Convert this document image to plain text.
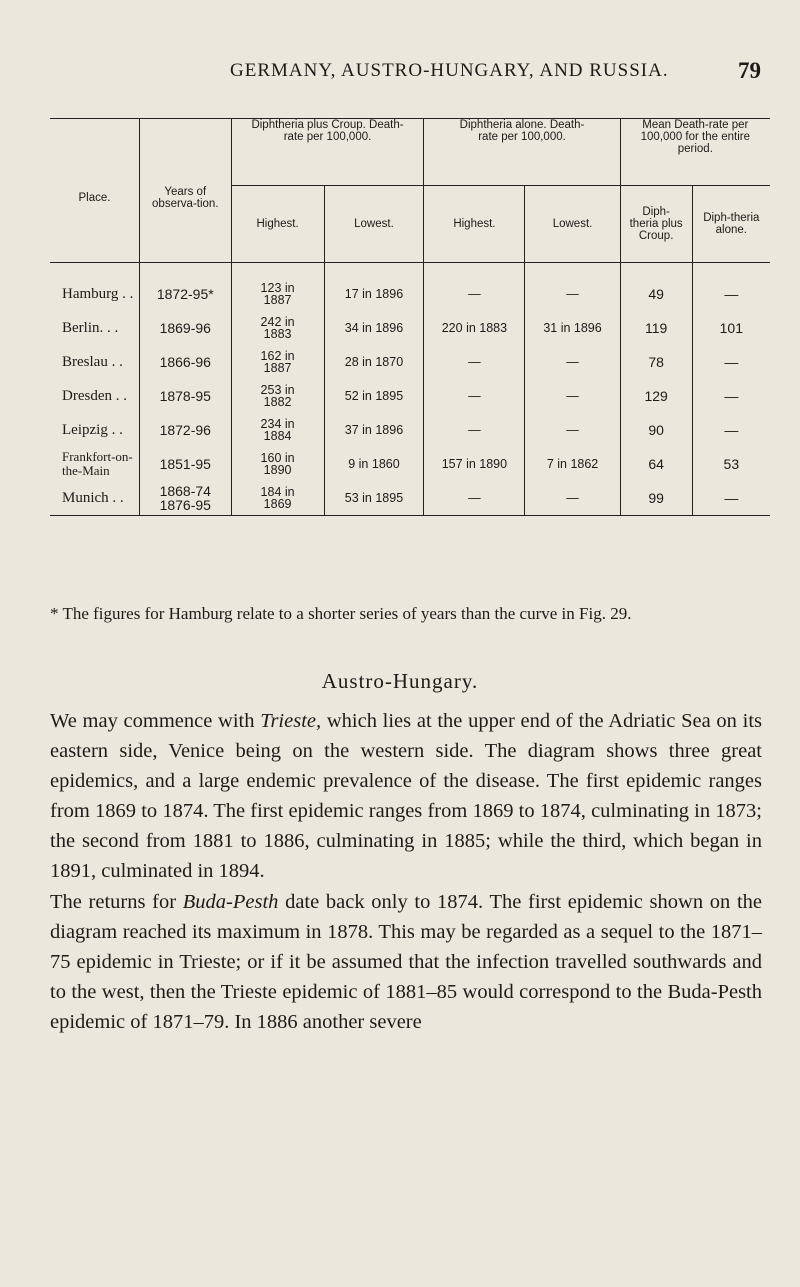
GERMANY, AUSTRO-HUNGARY, AND RUSSIA.	79
Place.	Years of observa-tion.	Diphtheria plus Croup. Death-rate per 100,000.		Diphtheria alone. Death-rate per 100,000.		Mean Death-rate per 100,000 for the entire period.	
		Highest.	Lowest.	Highest.	Lowest.	Diph-theria plus Croup.	Diph-theria alone.
Hamburg . .	1872-95*	123 in 1887	17 in 1896	—	—	49	—
Berlin. . .	1869-96	242 in 1883	34 in 1896	220 in 1883	31 in 1896	119	101
Breslau . .	1866-96	162 in 1887	28 in 1870	—	—	78	—
Dresden . .	1878-95	253 in 1882	52 in 1895	—	—	129	—
Leipzig . .	1872-96	234 in 1884	37 in 1896	—	—	90	—
Frankfort-on-the-Main	1851-95	160 in 1890	9 in 1860	157 in 1890	7 in 1862	64	53
Munich . .	1868-74 1876-95	184 in 1869	53 in 1895	—	—	99	—
* The figures for Hamburg relate to a shorter series of years than the curve in Fig. 29.
Austro-Hungary.

We may commence with Trieste, which lies at the upper end of the Adriatic Sea on its eastern side, Venice being on the western side. The diagram shows three great epidemics, and a large endemic prevalence of the disease. The first epidemic ranges from 1869 to 1874. The first epidemic ranges from 1869 to 1874, culminating in 1873; the second from 1881 to 1886, culminating in 1885; while the third, which began in 1891, culminated in 1894.

The returns for Buda-Pesth date back only to 1874. The first epidemic shown on the diagram reached its maximum in 1878. This may be regarded as a sequel to the 1871–75 epidemic in Trieste; or if it be assumed that the infection travelled southwards and to the west, then the Trieste epidemic of 1881–85 would correspond to the Buda-Pesth epidemic of 1871–79. In 1886 another severe
